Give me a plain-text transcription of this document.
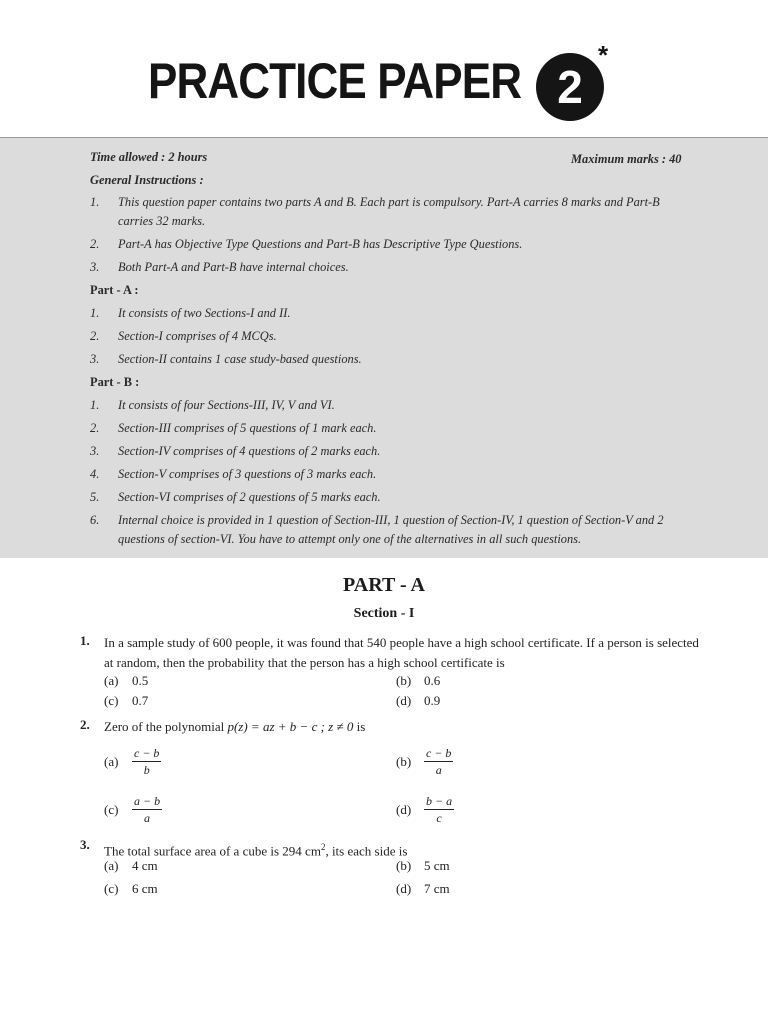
PRACTICE PAPER 2
*
Time allowed : 2 hours	Maximum marks : 40
General Instructions :
1. This question paper contains two parts A and B. Each part is compulsory. Part-A carries 8 marks and Part-B carries 32 marks.
2. Part-A has Objective Type Questions and Part-B has Descriptive Type Questions.
3. Both Part-A and Part-B have internal choices.
Part - A :
1. It consists of two Sections-I and II.
2. Section-I comprises of 4 MCQs.
3. Section-II contains 1 case study-based questions.
Part - B :
1. It consists of four Sections-III, IV, V and VI.
2. Section-III comprises of 5 questions of 1 mark each.
3. Section-IV comprises of 4 questions of 2 marks each.
4. Section-V comprises of 3 questions of 3 marks each.
5. Section-VI comprises of 2 questions of 5 marks each.
6. Internal choice is provided in 1 question of Section-III, 1 question of Section-IV, 1 question of Section-V and 2 questions of section-VI. You have to attempt only one of the alternatives in all such questions.
PART - A
Section - I
1. In a sample study of 600 people, it was found that 540 people have a high school certificate. If a person is selected at random, then the probability that the person has a high school certificate is
(a) 0.5	(b) 0.6
(c) 0.7	(d) 0.9
2. Zero of the polynomial p(z) = az + b − c ; z ≠ 0 is
$(a) \frac{c - b}{b}$	$(b) \frac{c - b}{a}$
$(c) \frac{a - b}{a}$	$(d) \frac{b - a}{c}$
3. The total surface area of a cube is 294 $cm^2$, its each side is
(a) 4 cm	(b) 5 cm
(c) 6 cm	(d) 7 cm
